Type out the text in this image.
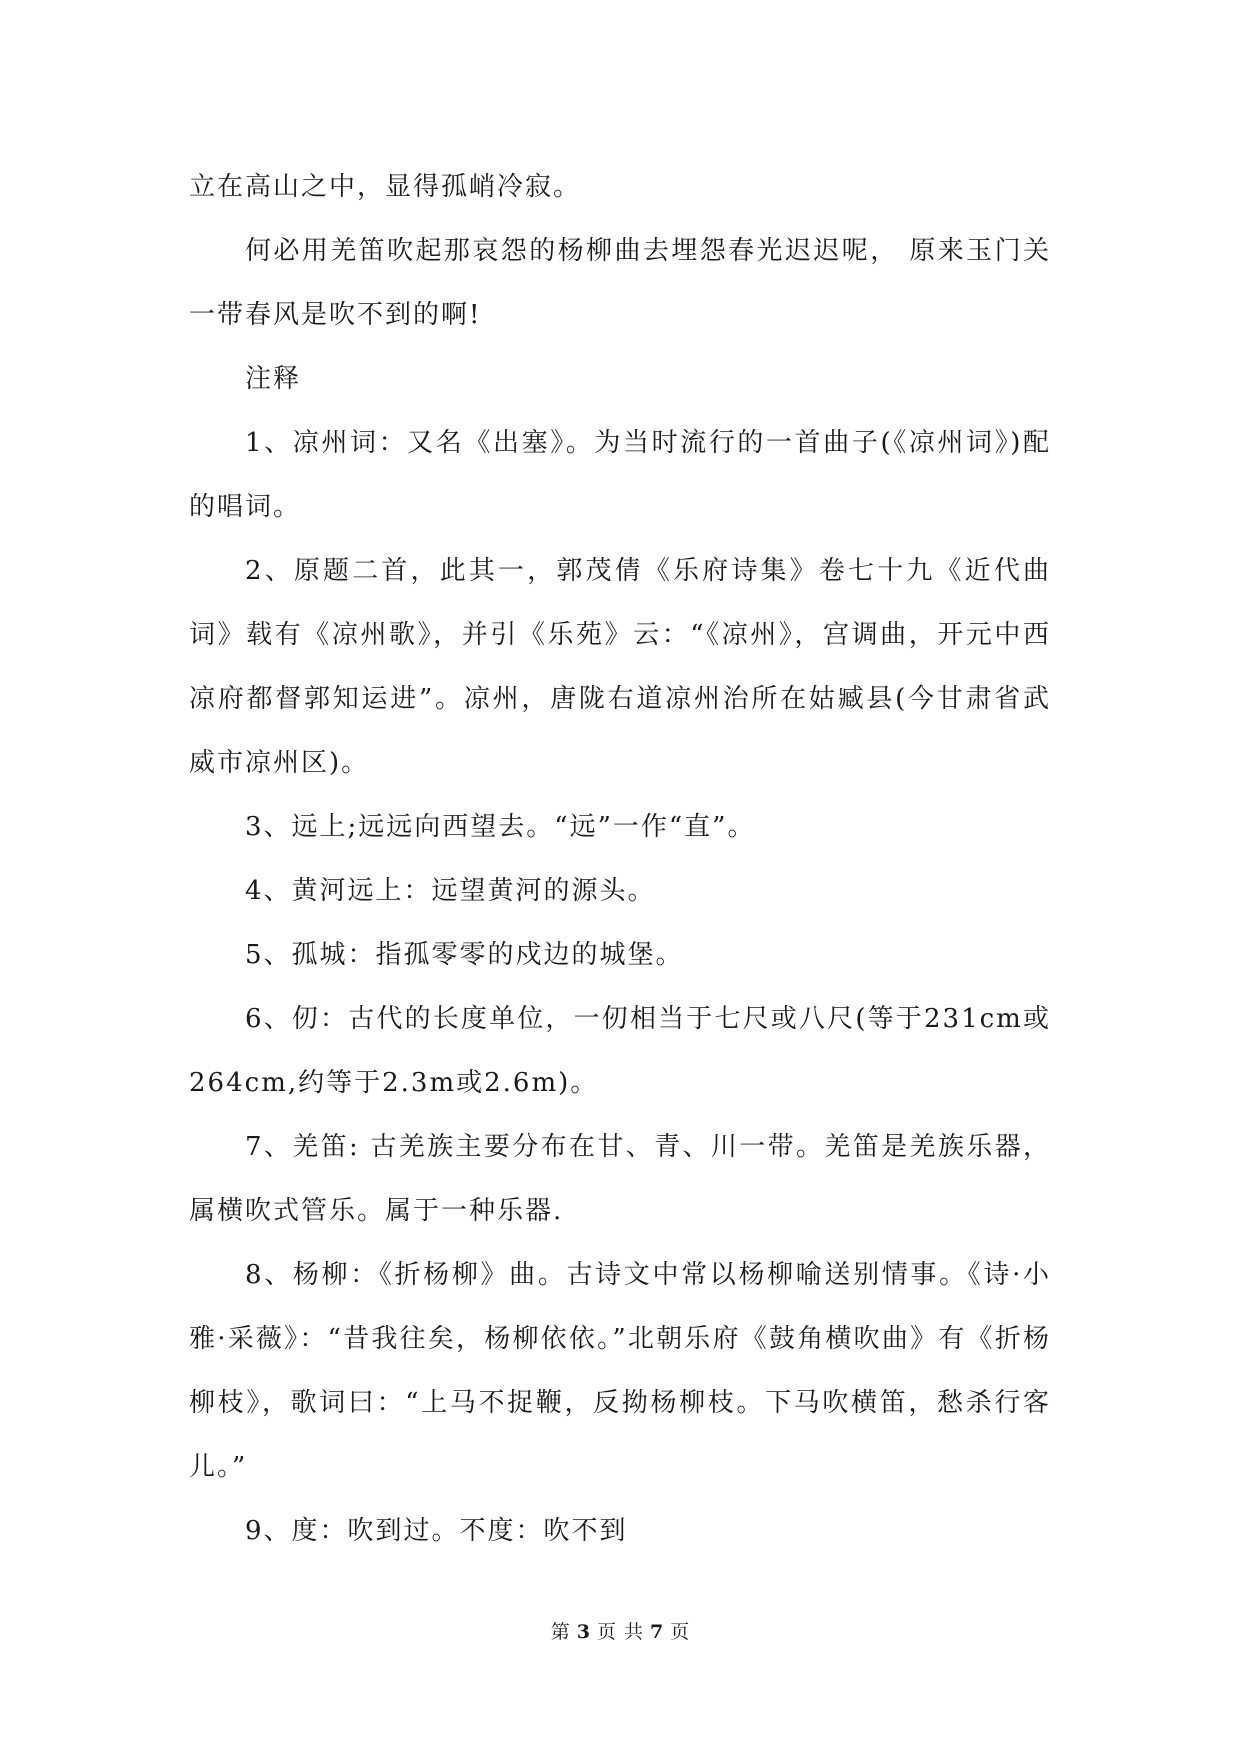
立在高山之中，显得孤峭冷寂。

何必用羌笛吹起那哀怨的杨柳曲去埋怨春光迟迟呢， 原来玉门关一带春风是吹不到的啊!

注释

1、凉州词：又名《出塞》。为当时流行的一首曲子(《凉州词》)配的唱词。

2、原题二首，此其一，郭茂倩《乐府诗集》卷七十九《近代曲词》载有《凉州歌》，并引《乐苑》云：“《凉州》，宫调曲，开元中西凉府都督郭知运进”。凉州，唐陇右道凉州治所在姑臧县(今甘肃省武威市凉州区)。

3、远上;远远向西望去。“远”一作“直”。

4、黄河远上：远望黄河的源头。

5、孤城：指孤零零的戍边的城堡。

6、仞：古代的长度单位，一仞相当于七尺或八尺(等于231cm或264cm,约等于2.3m或2.6m)。

7、羌笛: 古羌族主要分布在甘、青、川一带。羌笛是羌族乐器，属横吹式管乐。属于一种乐器.

8、杨柳：《折杨柳》曲。古诗文中常以杨柳喻送别情事。《诗·小雅·采薇》：“昔我往矣，杨柳依依。”北朝乐府《鼓角横吹曲》有《折杨柳枝》，歌词曰：“上马不捉鞭，反拗杨柳枝。下马吹横笛，愁杀行客儿。”

9、度：吹到过。不度：吹不到

第 3 页 共 7 页
